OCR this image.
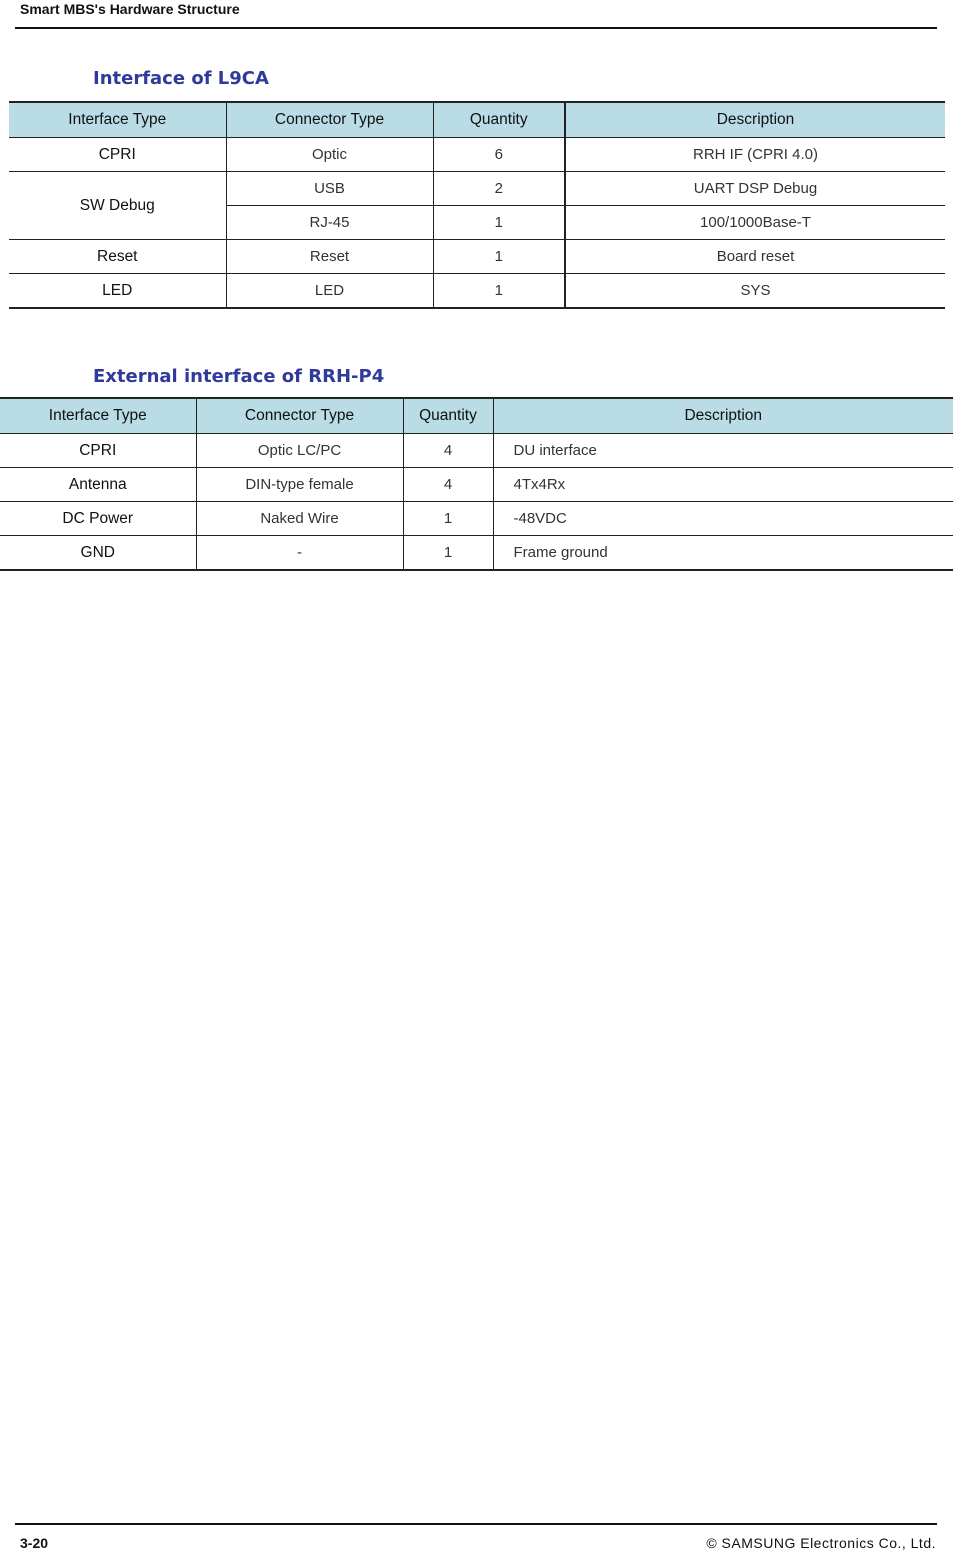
Smart MBS's Hardware Structure
Interface of L9CA
Interface Type	Connector Type	Quantity	Description
CPRI	Optic	6	RRH IF (CPRI 4.0)
SW Debug	USB	2	UART DSP Debug
	RJ-45	1	100/1000Base-T
Reset	Reset	1	Board reset
LED	LED	1	SYS
External interface of RRH-P4
Interface Type	Connector Type	Quantity	Description
CPRI	Optic LC/PC	4	DU interface
Antenna	DIN-type female	4	4Tx4Rx
DC Power	Naked Wire	1	-48VDC
GND	-	1	Frame ground
3-20	© SAMSUNG Electronics Co., Ltd.
